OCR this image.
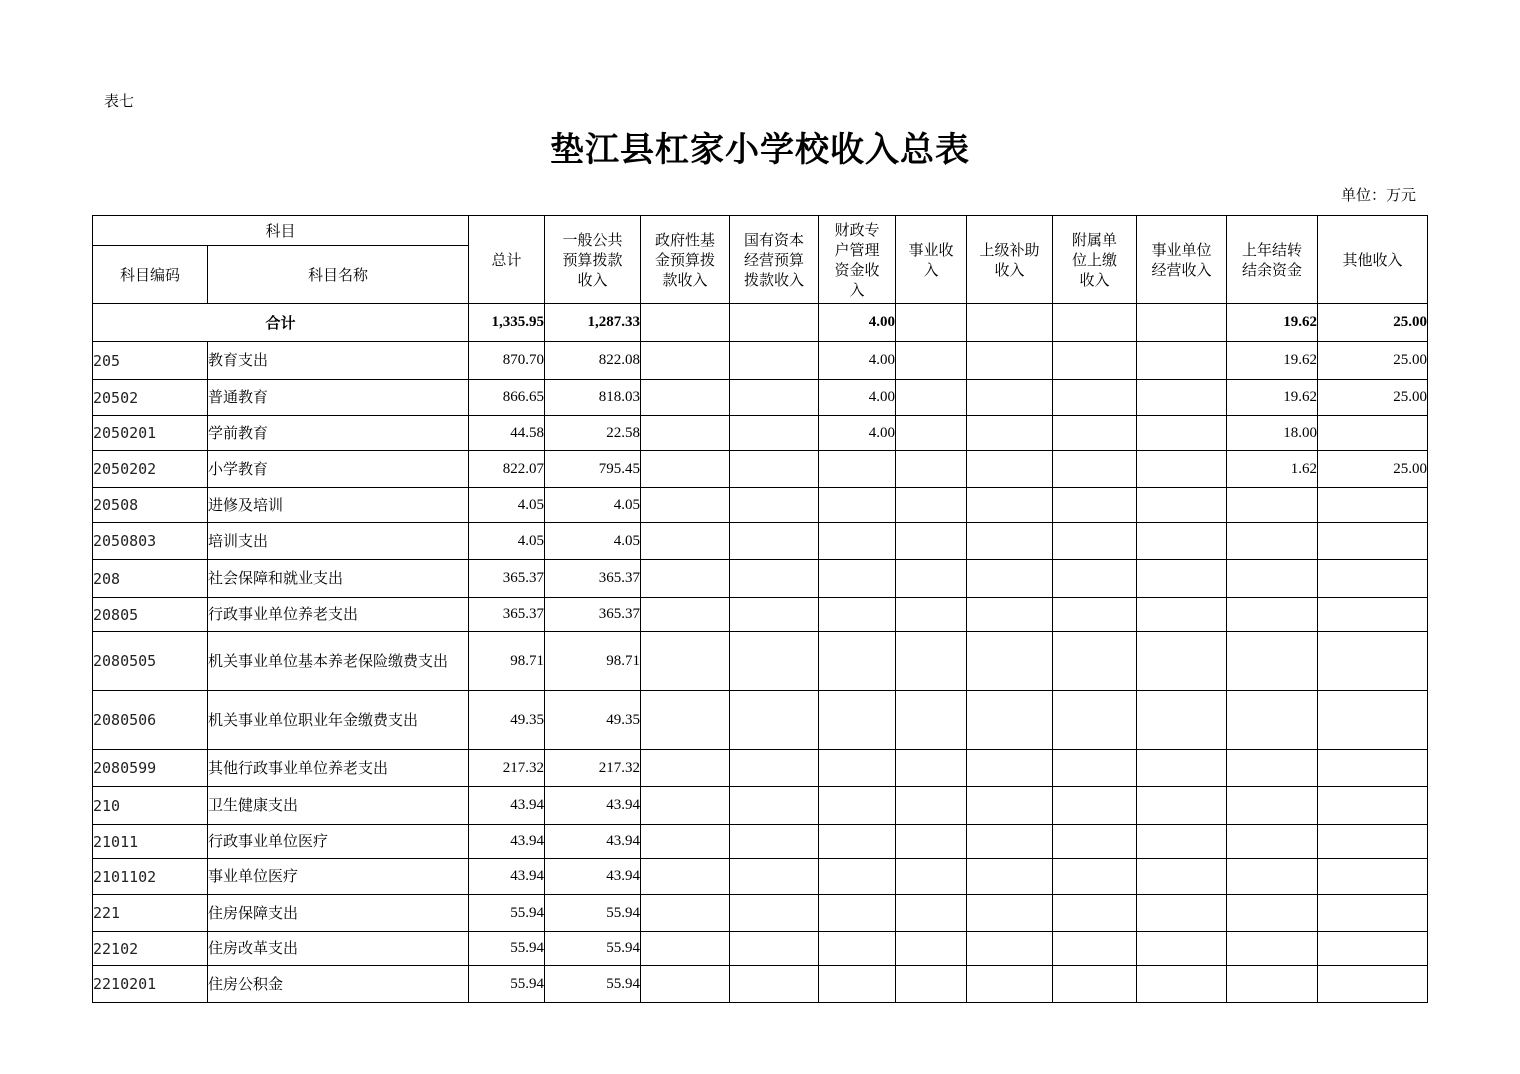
表七
垫江县杠家小学校收入总表
单位：万元
科目		总计	一般公共
预算拨款
收入	政府性基
金预算拨
款收入	国有资本
经营预算
拨款收入	财政专
户管理
资金收
入	事业收
入	上级补助
收入	附属单
位上缴
收入	事业单位
经营收入	上年结转
结余资金	其他收入
科目编码	科目名称											
合计		1,335.95	1,287.33			4.00					19.62	25.00
205	教育支出	870.70	822.08			4.00					19.62	25.00
20502	普通教育	866.65	818.03			4.00					19.62	25.00
2050201	学前教育	44.58	22.58			4.00					18.00	
2050202	小学教育	822.07	795.45								1.62	25.00
20508	进修及培训	4.05	4.05									
2050803	培训支出	4.05	4.05									
208	社会保障和就业支出	365.37	365.37									
20805	行政事业单位养老支出	365.37	365.37									
2080505	机关事业单位基本养老保险缴费支出	98.71	98.71									
2080506	机关事业单位职业年金缴费支出	49.35	49.35									
2080599	其他行政事业单位养老支出	217.32	217.32									
210	卫生健康支出	43.94	43.94									
21011	行政事业单位医疗	43.94	43.94									
2101102	事业单位医疗	43.94	43.94									
221	住房保障支出	55.94	55.94									
22102	住房改革支出	55.94	55.94									
2210201	住房公积金	55.94	55.94									
